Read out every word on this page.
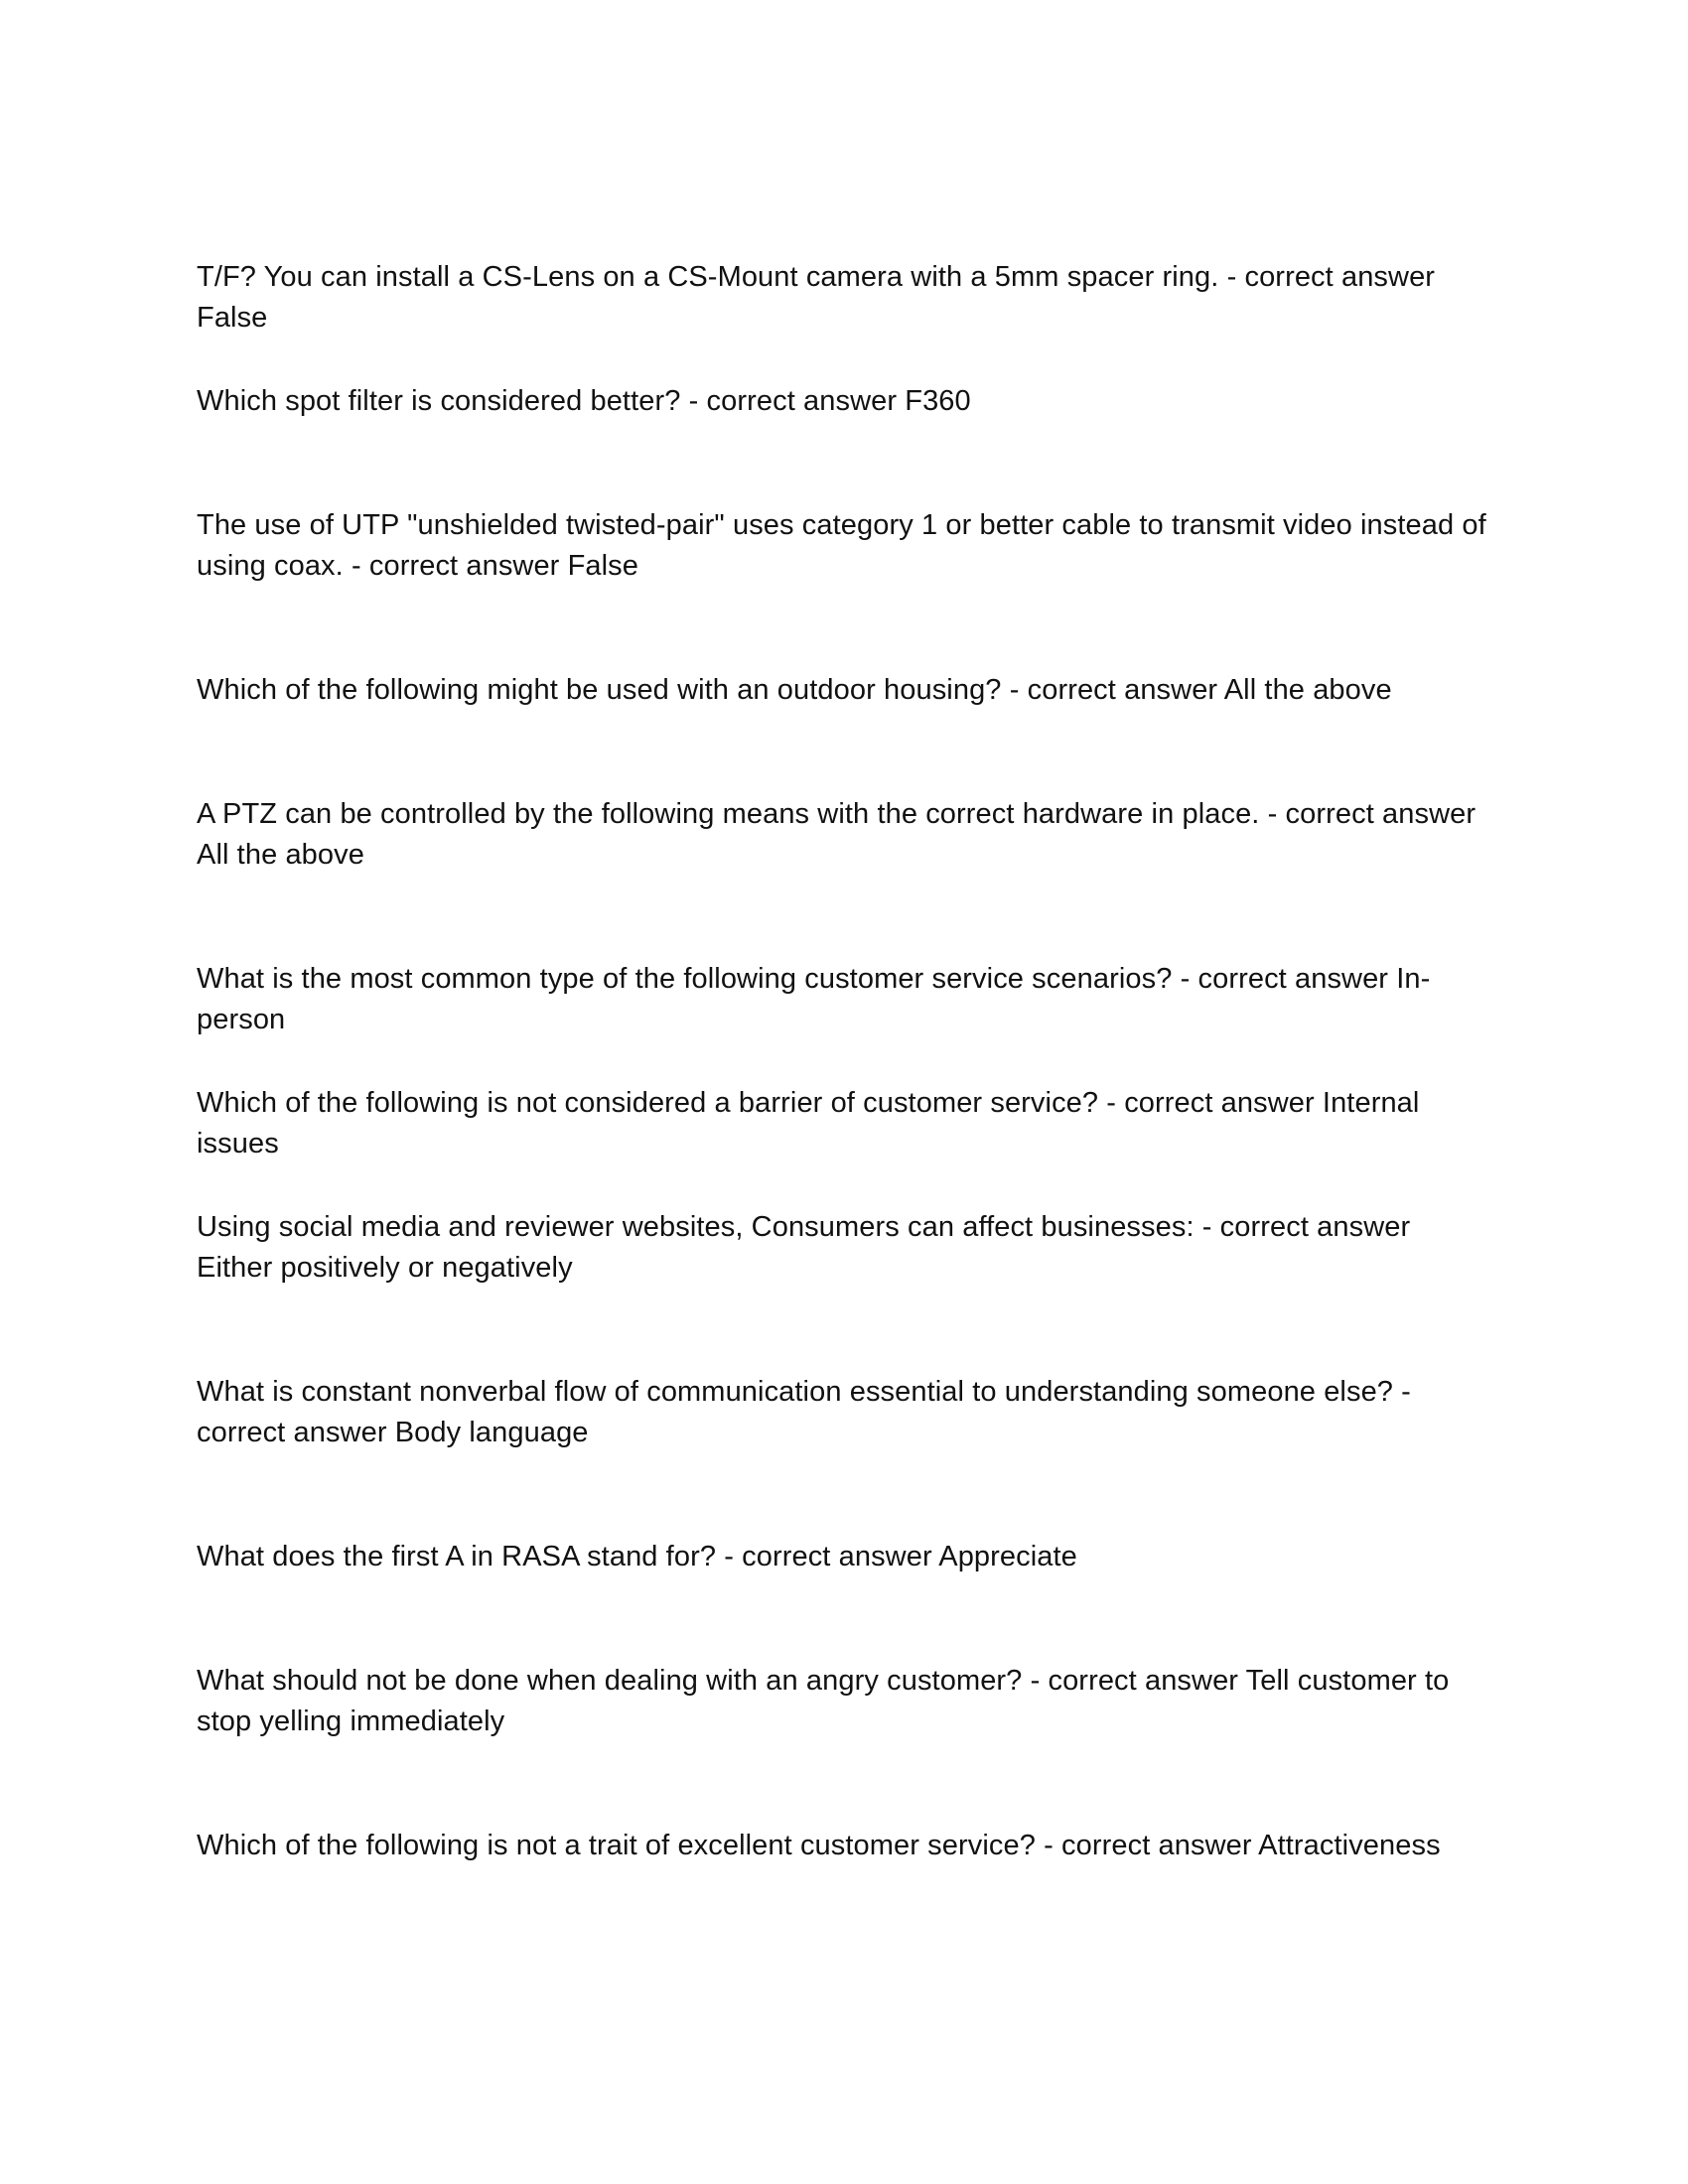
T/F? You can install a CS-Lens on a CS-Mount camera with a 5mm spacer ring. - correct answer False

Which spot filter is considered better? - correct answer F360

The use of UTP "unshielded twisted-pair" uses category 1 or better cable to transmit video instead of using coax. - correct answer False

Which of the following might be used with an outdoor housing? - correct answer All the above

A PTZ can be controlled by the following means with the correct hardware in place. - correct answer All the above

What is the most common type of the following customer service scenarios? - correct answer In-person

Which of the following is not considered a barrier of customer service? - correct answer Internal issues

Using social media and reviewer websites, Consumers can affect businesses: - correct answer Either positively or negatively

What is constant nonverbal flow of communication essential to understanding someone else? - correct answer Body language

What does the first A in RASA stand for? - correct answer Appreciate

What should not be done when dealing with an angry customer? - correct answer Tell customer to stop yelling immediately

Which of the following is not a trait of excellent customer service? - correct answer Attractiveness
